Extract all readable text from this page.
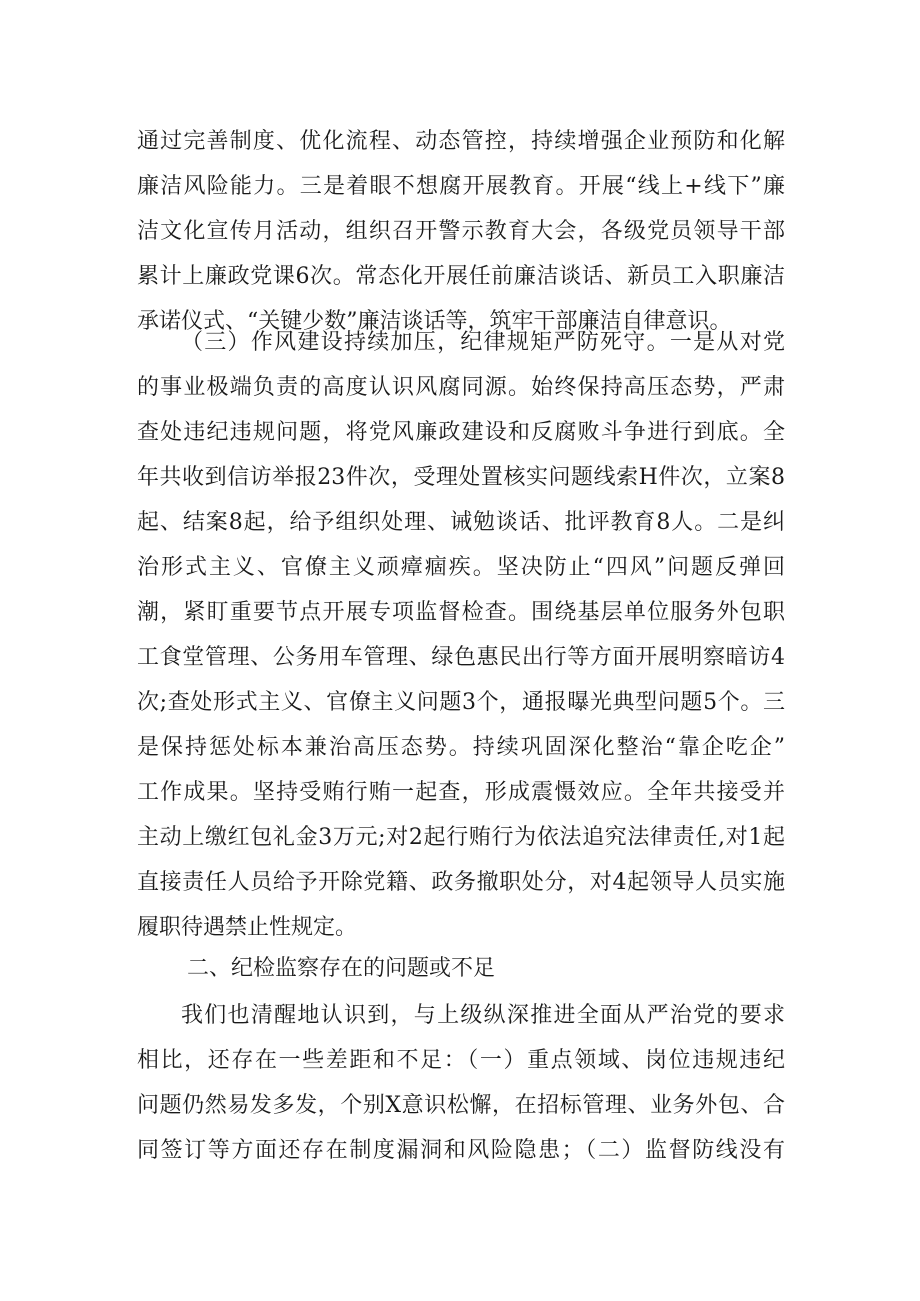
通过完善制度、优化流程、动态管控，持续增强企业预防和化解
廉洁风险能力。三是着眼不想腐开展教育。开展“线上+线下”廉
洁文化宣传月活动，组织召开警示教育大会，各级党员领导干部
累计上廉政党课6次。常态化开展任前廉洁谈话、新员工入职廉洁
承诺仪式、“关键少数”廉洁谈话等，筑牢干部廉洁自律意识。
（三）作风建设持续加压，纪律规矩严防死守。一是从对党
的事业极端负责的高度认识风腐同源。始终保持高压态势，严肃
查处违纪违规问题，将党风廉政建设和反腐败斗争进行到底。全
年共收到信访举报23件次，受理处置核实问题线索H件次，立案8
起、结案8起，给予组织处理、诫勉谈话、批评教育8人。二是纠
治形式主义、官僚主义顽瘴痼疾。坚决防止“四风”问题反弹回
潮，紧盯重要节点开展专项监督检查。围绕基层单位服务外包职
工食堂管理、公务用车管理、绿色惠民出行等方面开展明察暗访4
次;查处形式主义、官僚主义问题3个，通报曝光典型问题5个。三
是保持惩处标本兼治高压态势。持续巩固深化整治“靠企吃企”
工作成果。坚持受贿行贿一起查，形成震慑效应。全年共接受并
主动上缴红包礼金3万元;对2起行贿行为依法追究法律责任,对1起
直接责任人员给予开除党籍、政务撤职处分，对4起领导人员实施
履职待遇禁止性规定。
二、纪检监察存在的问题或不足
我们也清醒地认识到，与上级纵深推进全面从严治党的要求
相比，还存在一些差距和不足：（一）重点领域、岗位违规违纪
问题仍然易发多发，个别X意识松懈，在招标管理、业务外包、合
同签订等方面还存在制度漏洞和风险隐患；（二）监督防线没有
